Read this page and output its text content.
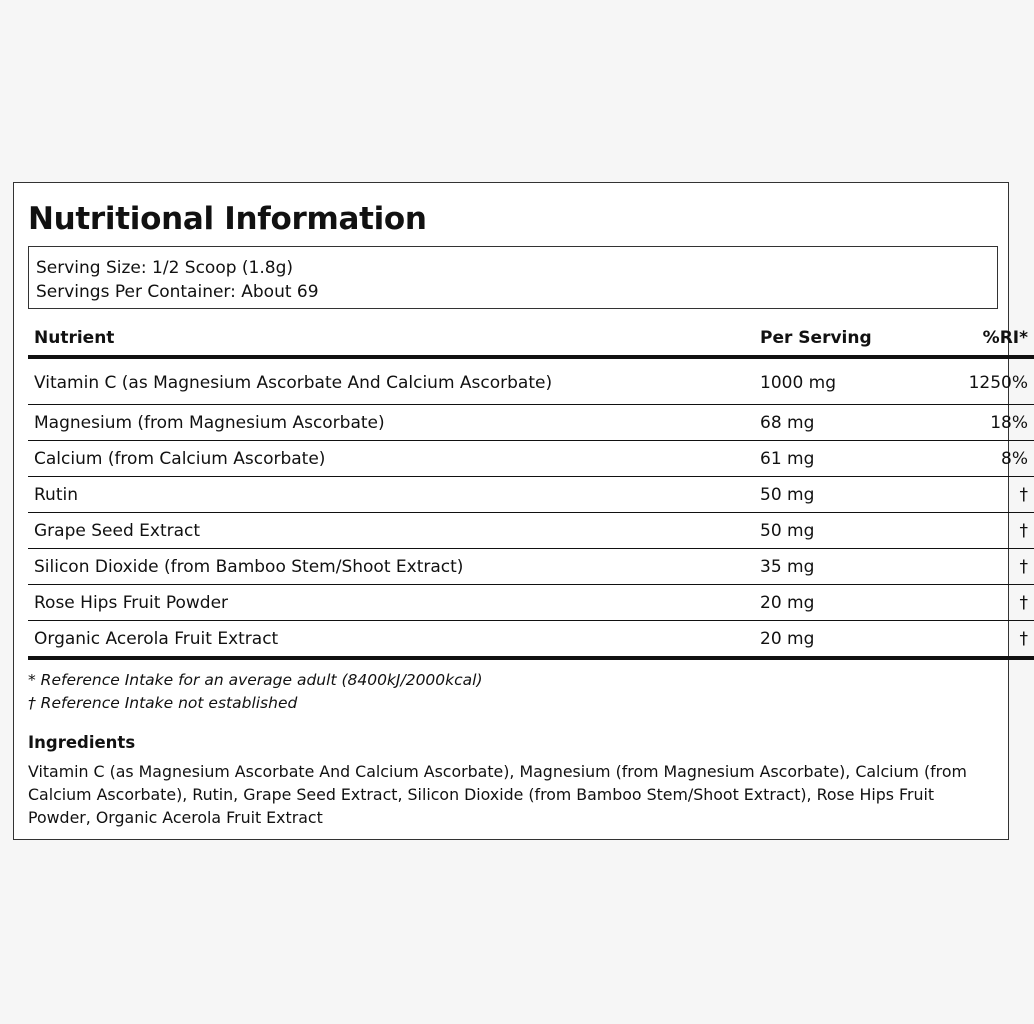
Nutritional Information
Serving Size: 1/2 Scoop (1.8g)
Servings Per Container: About 69
Nutrient	Per Serving	%RI*
Vitamin C (as Magnesium Ascorbate And Calcium Ascorbate)	1000 mg	1250%
Magnesium (from Magnesium Ascorbate)	68 mg	18%
Calcium (from Calcium Ascorbate)	61 mg	8%
Rutin	50 mg	†
Grape Seed Extract	50 mg	†
Silicon Dioxide (from Bamboo Stem/Shoot Extract)	35 mg	†
Rose Hips Fruit Powder	20 mg	†
Organic Acerola Fruit Extract	20 mg	†
* Reference Intake for an average adult (8400kJ/2000kcal)
† Reference Intake not established
Ingredients

Vitamin C (as Magnesium Ascorbate And Calcium Ascorbate), Magnesium (from Magnesium Ascorbate), Calcium (from Calcium Ascorbate), Rutin, Grape Seed Extract, Silicon Dioxide (from Bamboo Stem/Shoot Extract), Rose Hips Fruit Powder, Organic Acerola Fruit Extract
